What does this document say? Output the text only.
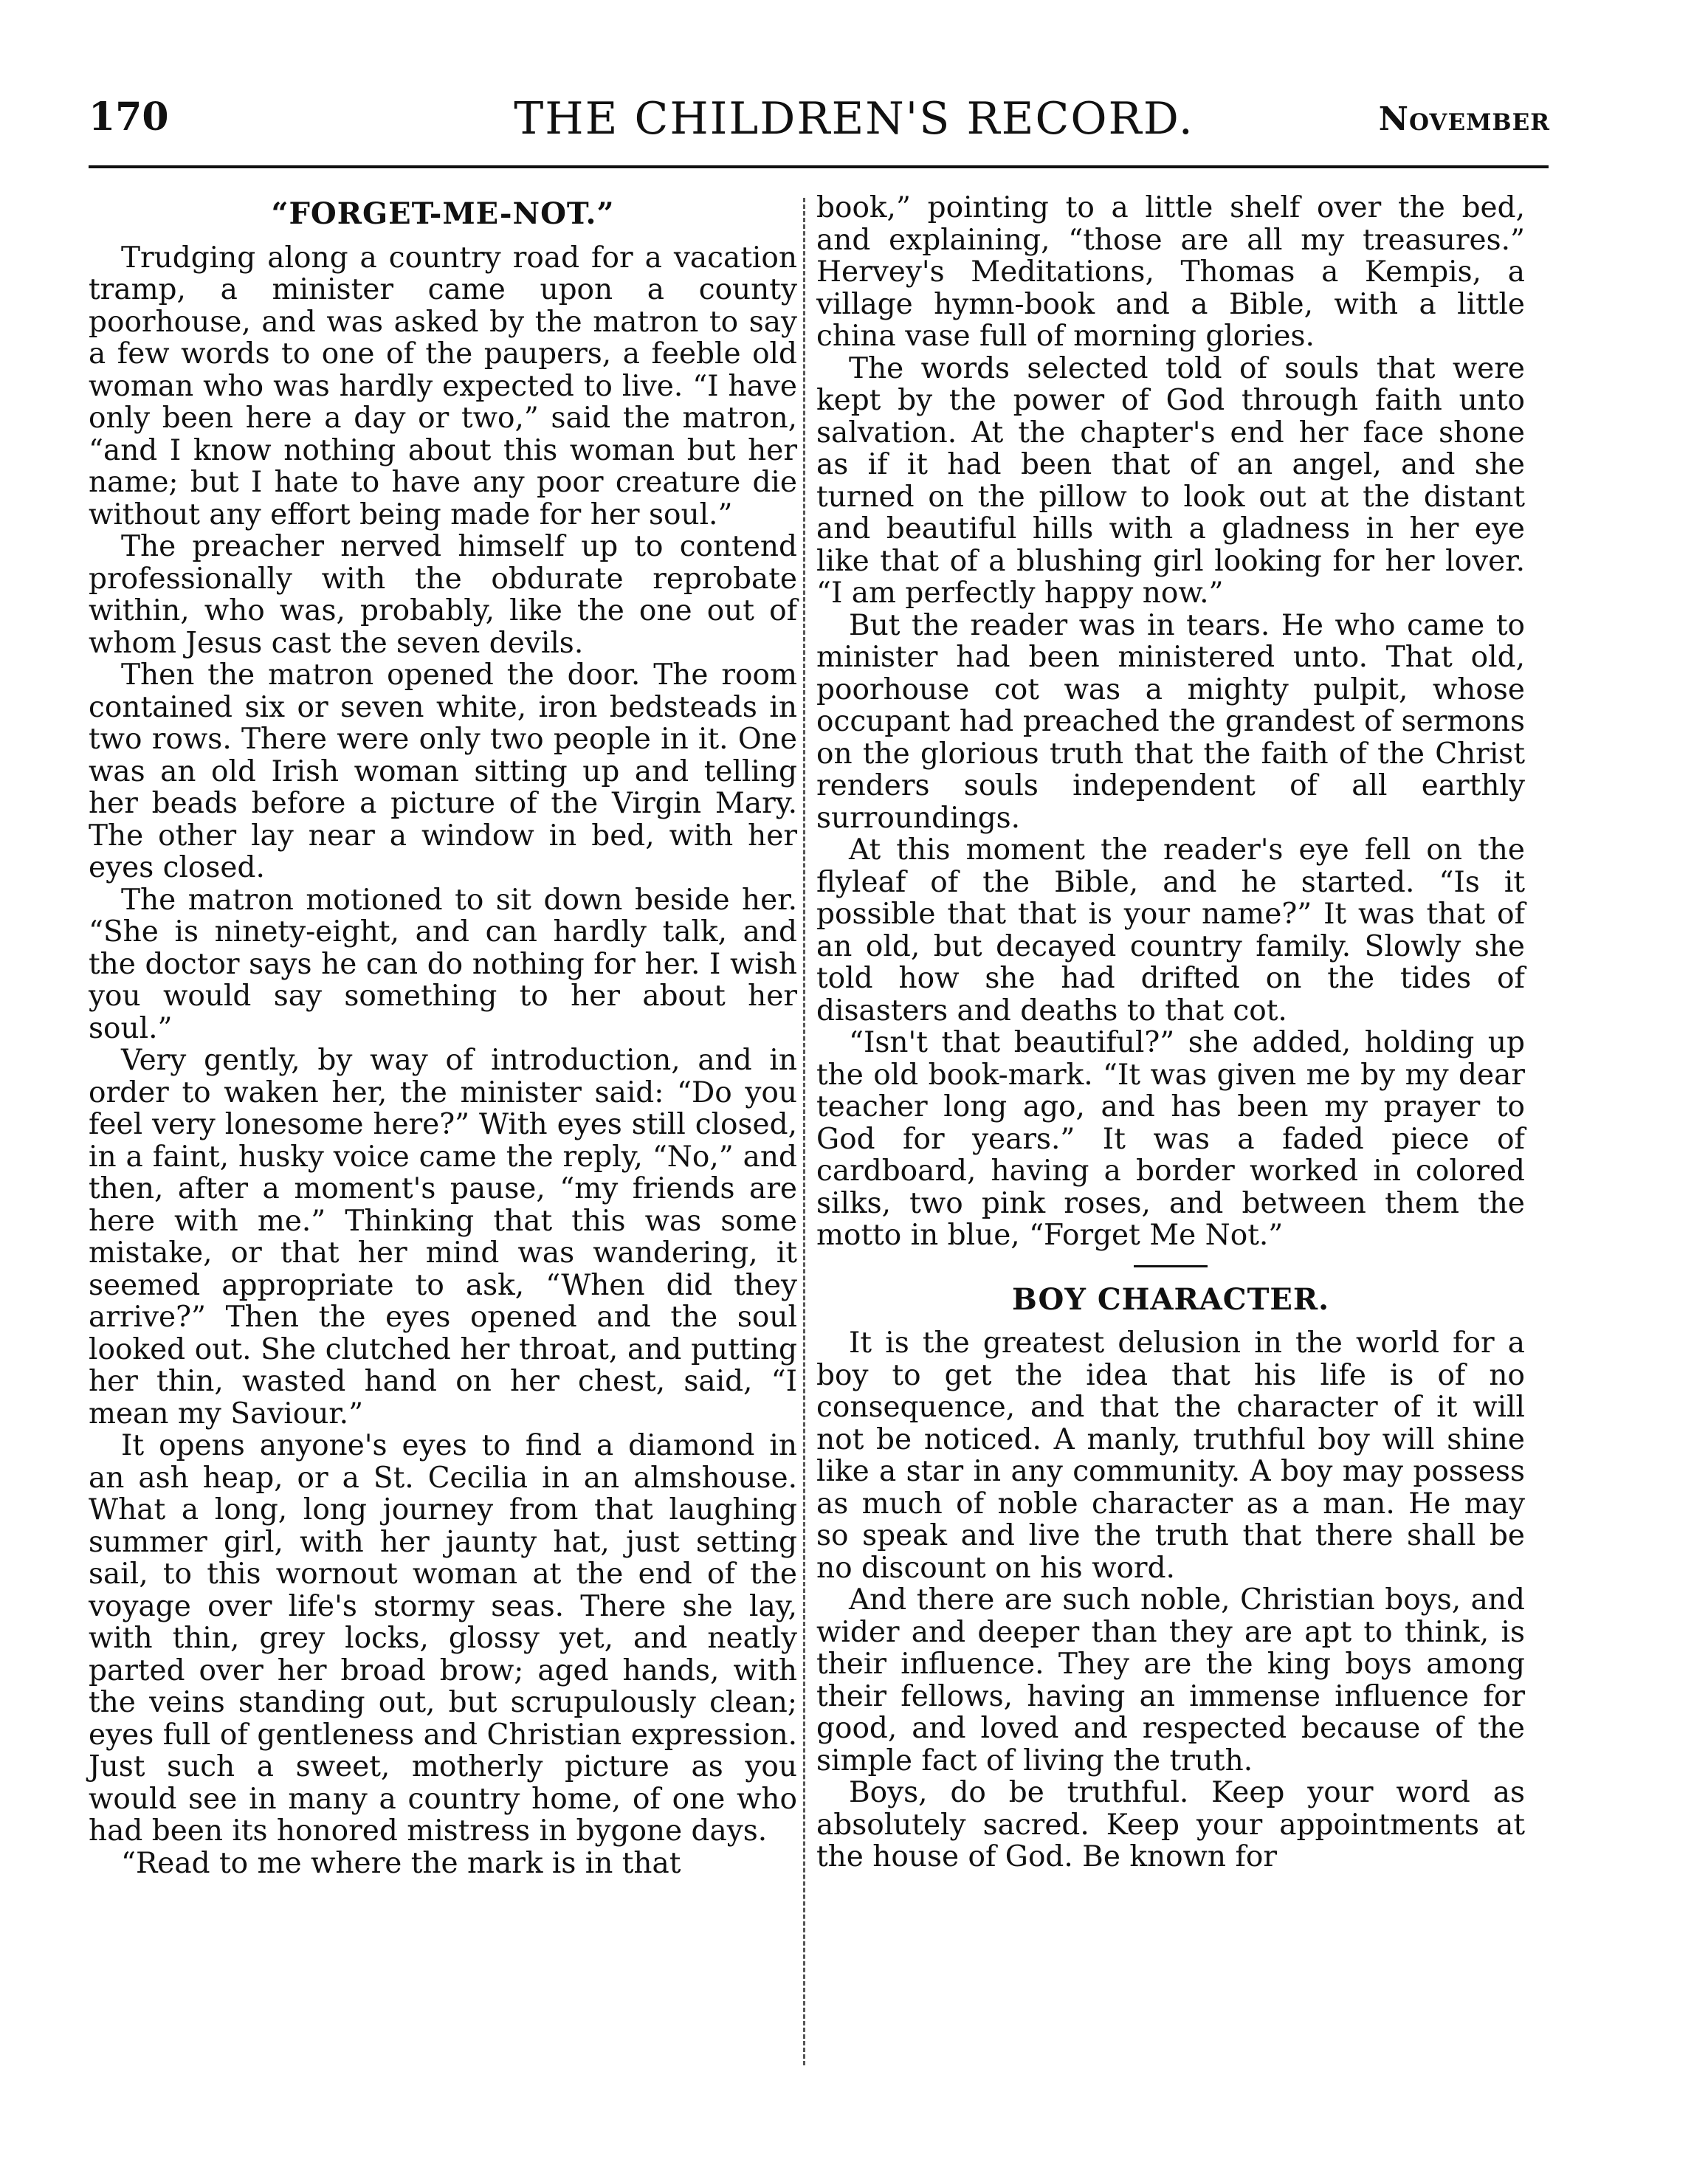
170	THE CHILDREN'S RECORD.	November
“FORGET-ME-NOT.”

Trudging along a country road for a vacation tramp, a minister came upon a county poorhouse, and was asked by the matron to say a few words to one of the paupers, a feeble old woman who was hardly expected to live. “I have only been here a day or two,” said the matron, “and I know nothing about this woman but her name; but I hate to have any poor creature die without any effort being made for her soul.”

The preacher nerved himself up to contend professionally with the obdurate reprobate within, who was, probably, like the one out of whom Jesus cast the seven devils.

Then the matron opened the door. The room contained six or seven white, iron bedsteads in two rows. There were only two people in it. One was an old Irish woman sitting up and telling her beads before a picture of the Virgin Mary. The other lay near a window in bed, with her eyes closed.

The matron motioned to sit down beside her. “She is ninety-eight, and can hardly talk, and the doctor says he can do nothing for her. I wish you would say something to her about her soul.”

Very gently, by way of introduction, and in order to waken her, the minister said: “Do you feel very lonesome here?” With eyes still closed, in a faint, husky voice came the reply, “No,” and then, after a moment's pause, “my friends are here with me.” Thinking that this was some mistake, or that her mind was wandering, it seemed appropriate to ask, “When did they arrive?” Then the eyes opened and the soul looked out. She clutched her throat, and putting her thin, wasted hand on her chest, said, “I mean my Saviour.”

It opens anyone's eyes to find a diamond in an ash heap, or a St. Cecilia in an almshouse. What a long, long journey from that laughing summer girl, with her jaunty hat, just setting sail, to this wornout woman at the end of the voyage over life's stormy seas. There she lay, with thin, grey locks, glossy yet, and neatly parted over her broad brow; aged hands, with the veins standing out, but scrupulously clean; eyes full of gentleness and Christian expression. Just such a sweet, motherly picture as you would see in many a country home, of one who had been its honored mistress in bygone days.

“Read to me where the mark is in that

book,” pointing to a little shelf over the bed, and explaining, “those are all my treasures.” Hervey's Meditations, Thomas a Kempis, a village hymn-book and a Bible, with a little china vase full of morning glories.

The words selected told of souls that were kept by the power of God through faith unto salvation. At the chapter's end her face shone as if it had been that of an angel, and she turned on the pillow to look out at the distant and beautiful hills with a gladness in her eye like that of a blushing girl looking for her lover. “I am perfectly happy now.”

But the reader was in tears. He who came to minister had been ministered unto. That old, poorhouse cot was a mighty pulpit, whose occupant had preached the grandest of sermons on the glorious truth that the faith of the Christ renders souls independent of all earthly surroundings.

At this moment the reader's eye fell on the flyleaf of the Bible, and he started. “Is it possible that that is your name?” It was that of an old, but decayed country family. Slowly she told how she had drifted on the tides of disasters and deaths to that cot.

“Isn't that beautiful?” she added, holding up the old book-mark. “It was given me by my dear teacher long ago, and has been my prayer to God for years.” It was a faded piece of cardboard, having a border worked in colored silks, two pink roses, and between them the motto in blue, “Forget Me Not.”

BOY CHARACTER.

It is the greatest delusion in the world for a boy to get the idea that his life is of no consequence, and that the character of it will not be noticed. A manly, truthful boy will shine like a star in any community. A boy may possess as much of noble character as a man. He may so speak and live the truth that there shall be no discount on his word.

And there are such noble, Christian boys, and wider and deeper than they are apt to think, is their influence. They are the king boys among their fellows, having an immense influence for good, and loved and respected because of the simple fact of living the truth.

Boys, do be truthful. Keep your word as absolutely sacred. Keep your appointments at the house of God. Be known for
